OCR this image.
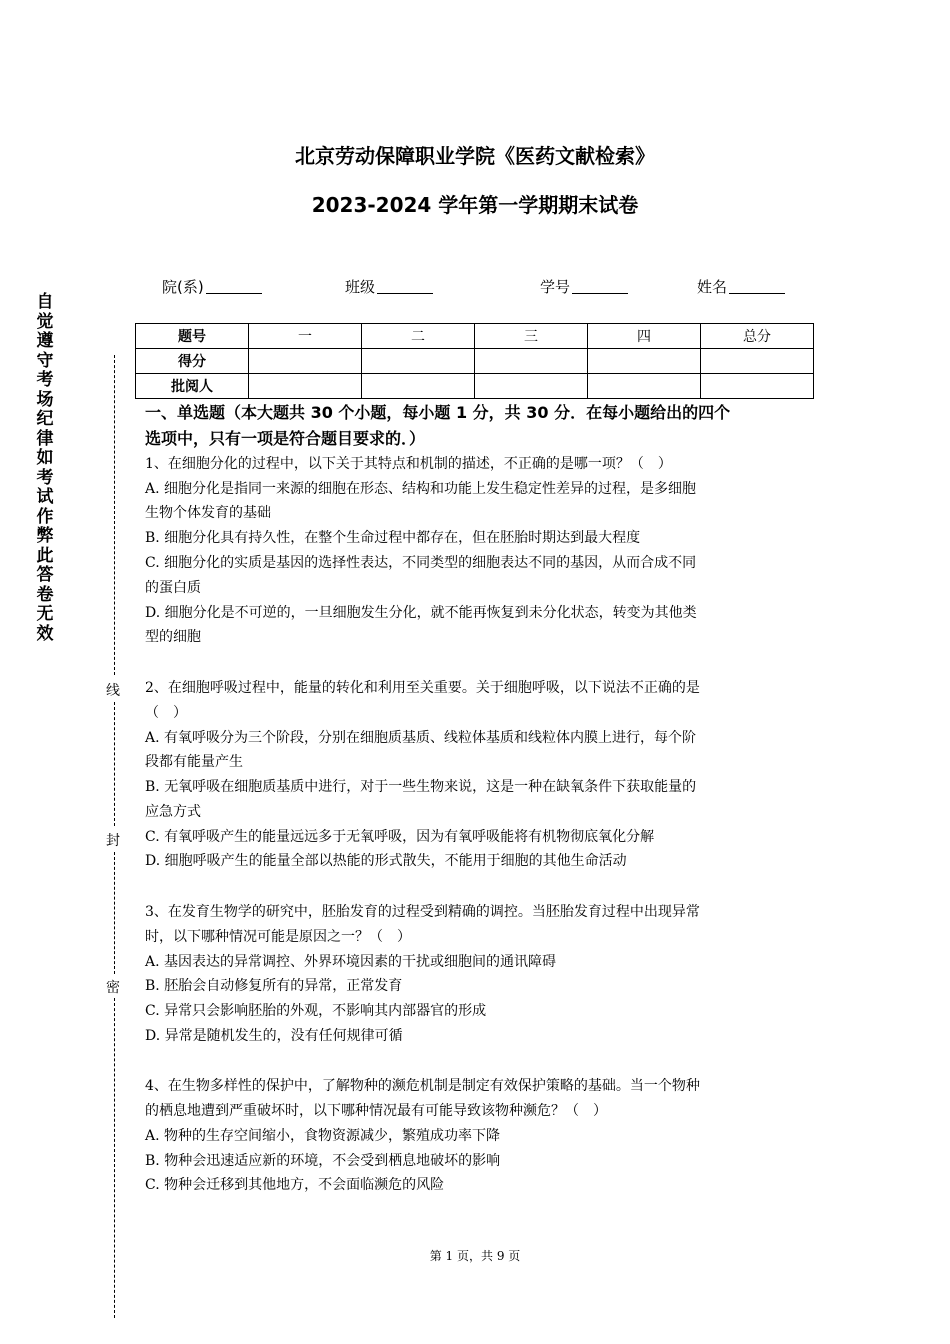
北京劳动保障职业学院《医药文献检索》
2023-2024 学年第一学期期末试卷
院(系)	班级	学号	姓名
题号	一	二	三	四	总分
得分					
批阅人					
一、单选题（本大题共 30 个小题，每小题 1 分，共 30 分．在每小题给出的四个
选项中，只有一项是符合题目要求的．）
1、在细胞分化的过程中，以下关于其特点和机制的描述，不正确的是哪一项？（　）
A. 细胞分化是指同一来源的细胞在形态、结构和功能上发生稳定性差异的过程，是多细胞
生物个体发育的基础
B. 细胞分化具有持久性，在整个生命过程中都存在，但在胚胎时期达到最大程度
C. 细胞分化的实质是基因的选择性表达，不同类型的细胞表达不同的基因，从而合成不同
的蛋白质
D. 细胞分化是不可逆的，一旦细胞发生分化，就不能再恢复到未分化状态，转变为其他类
型的细胞
2、在细胞呼吸过程中，能量的转化和利用至关重要。关于细胞呼吸，以下说法不正确的是
（　）
A. 有氧呼吸分为三个阶段，分别在细胞质基质、线粒体基质和线粒体内膜上进行，每个阶
段都有能量产生
B. 无氧呼吸在细胞质基质中进行，对于一些生物来说，这是一种在缺氧条件下获取能量的
应急方式
C. 有氧呼吸产生的能量远远多于无氧呼吸，因为有氧呼吸能将有机物彻底氧化分解
D. 细胞呼吸产生的能量全部以热能的形式散失，不能用于细胞的其他生命活动
3、在发育生物学的研究中，胚胎发育的过程受到精确的调控。当胚胎发育过程中出现异常
时，以下哪种情况可能是原因之一？（　）
A. 基因表达的异常调控、外界环境因素的干扰或细胞间的通讯障碍
B. 胚胎会自动修复所有的异常，正常发育
C. 异常只会影响胚胎的外观，不影响其内部器官的形成
D. 异常是随机发生的，没有任何规律可循
4、在生物多样性的保护中，了解物种的濒危机制是制定有效保护策略的基础。当一个物种
的栖息地遭到严重破坏时，以下哪种情况最有可能导致该物种濒危？（　）
A. 物种的生存空间缩小，食物资源减少，繁殖成功率下降
B. 物种会迅速适应新的环境，不会受到栖息地破坏的影响
C. 物种会迁移到其他地方，不会面临濒危的风险
自觉遵守考场纪律如考试作弊此答卷无效
线
封
密
第 1 页，共 9 页
